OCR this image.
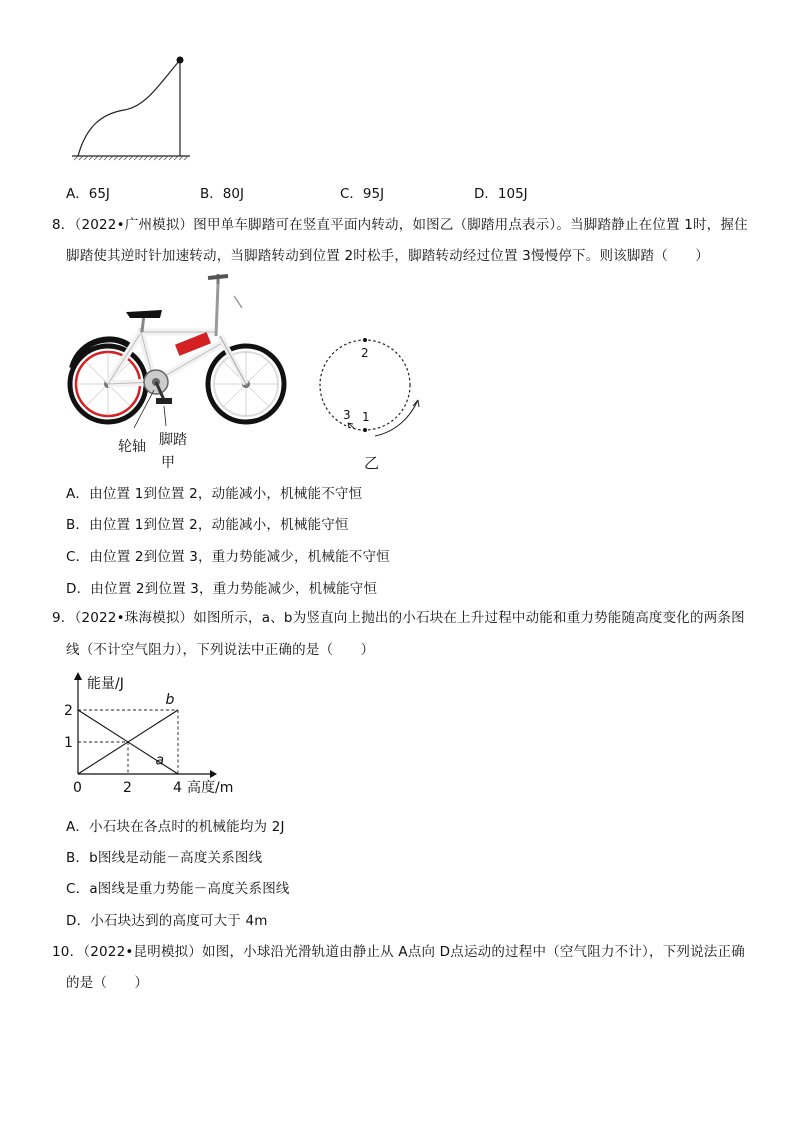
A．65J	B．80J	C．95J	D．105J
8．（2022•广州模拟）图甲单车脚踏可在竖直平面内转动，如图乙（脚踏用点表示）。当脚踏静止在位置 1时，握住
脚踏使其逆时针加速转动，当脚踏转动到位置 2时松手，脚踏转动经过位置 3慢慢停下。则该脚踏（　　）
轮轴 脚踏
甲
2
1
3
乙
A．由位置 1到位置 2，动能减小，机械能不守恒
B．由位置 1到位置 2，动能减小，机械能守恒
C．由位置 2到位置 3，重力势能减少，机械能不守恒
D．由位置 2到位置 3，重力势能减少，机械能守恒
9．（2022•珠海模拟）如图所示，a、b为竖直向上抛出的小石块在上升过程中动能和重力势能随高度变化的两条图
线（不计空气阻力），下列说法中正确的是（　　）
2
1
0	2	4
a
b
能量/J
高度/m
A．小石块在各点时的机械能均为 2J
B．b图线是动能－高度关系图线
C．a图线是重力势能－高度关系图线
D．小石块达到的高度可大于 4m
10．（2022•昆明模拟）如图，小球沿光滑轨道由静止从 A点向 D点运动的过程中（空气阻力不计），下列说法正确
的是（　　）
